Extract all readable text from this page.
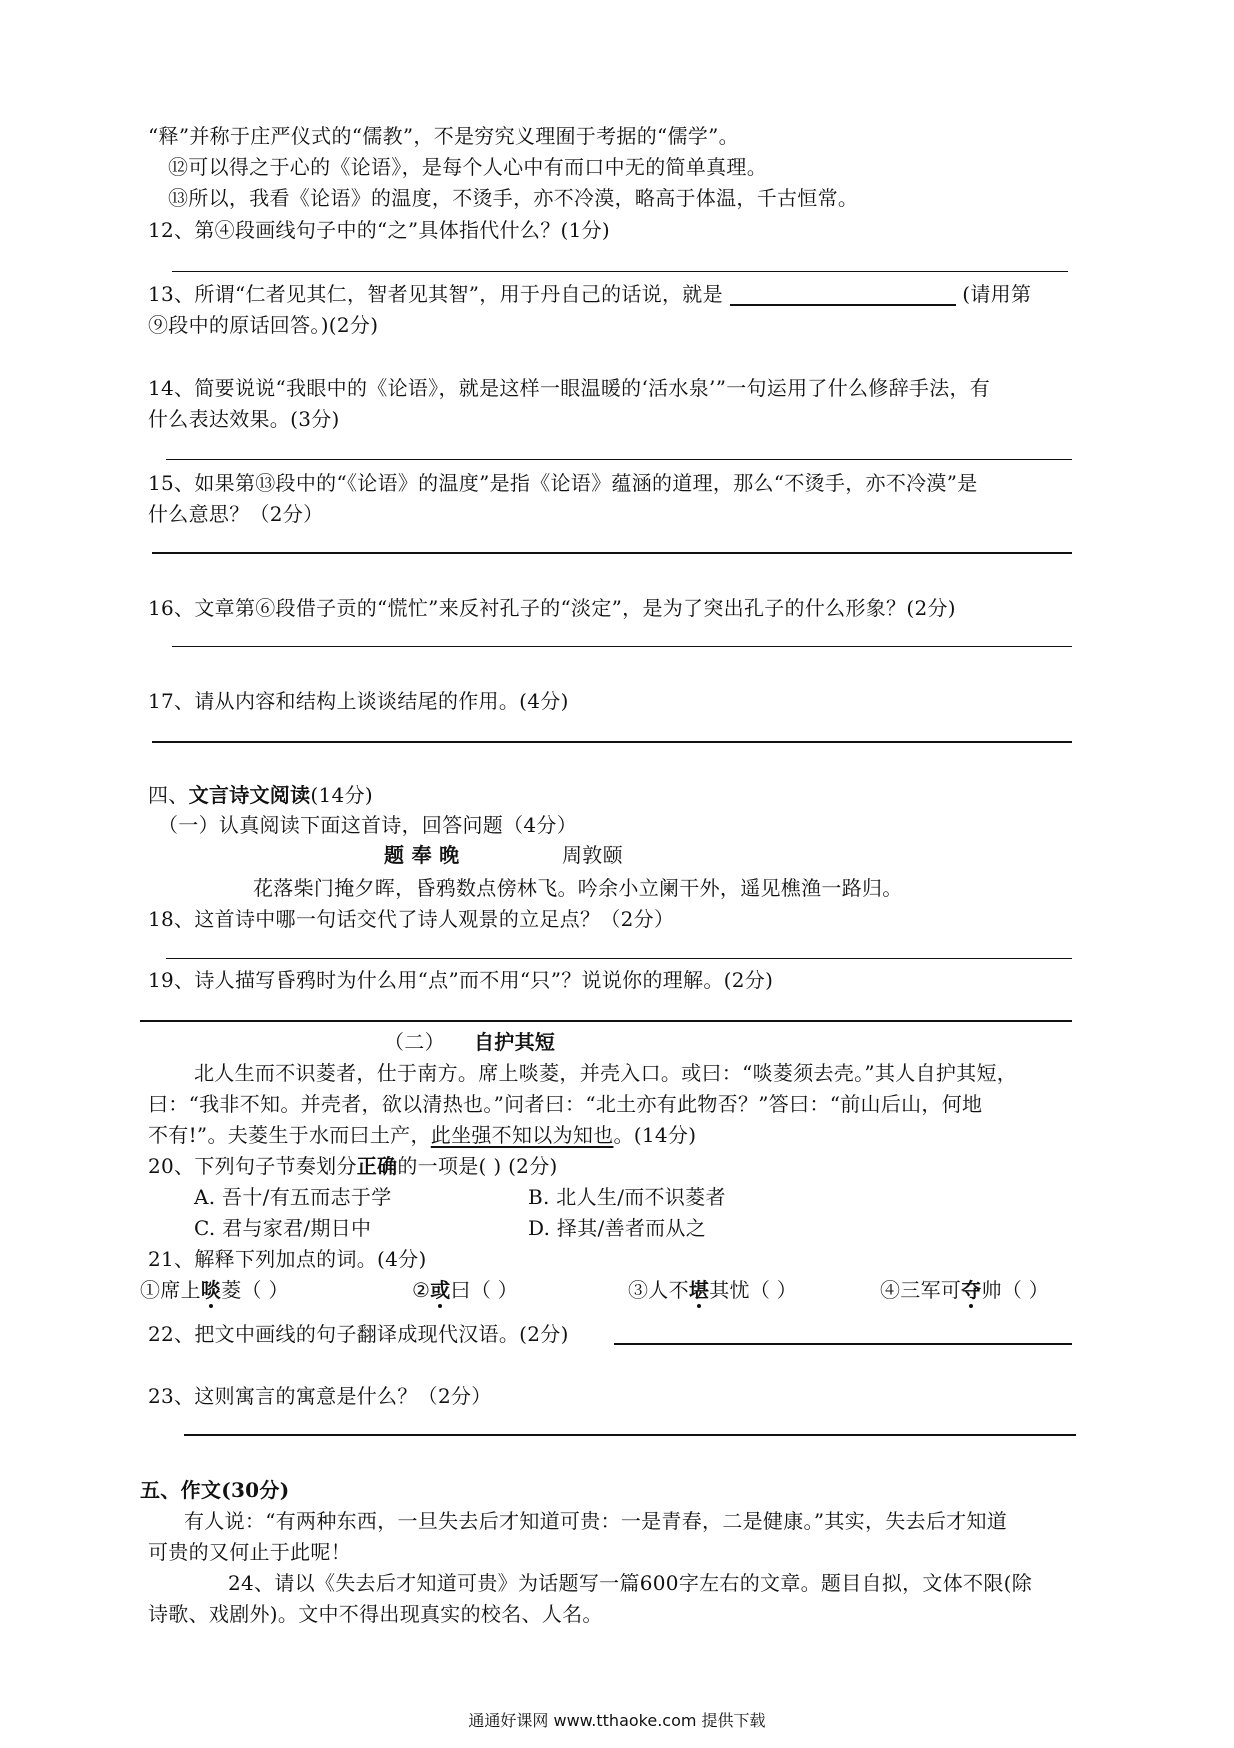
“释”并称于庄严仪式的“儒教”，不是穷究义理囿于考据的“儒学”。
⑫可以得之于心的《论语》，是每个人心中有而口中无的简单真理。
⑬所以，我看《论语》的温度，不烫手，亦不冷漠，略高于体温，千古恒常。
12、第④段画线句子中的“之”具体指代什么？(1分)
13、所谓“仁者见其仁，智者见其智”，用于丹自己的话说，就是	(请用第
⑨段中的原话回答。)(2分)
14、简要说说“我眼中的《论语》，就是这样一眼温暖的‘活水泉’”一句运用了什么修辞手法，有
什么表达效果。(3分)
15、如果第⑬段中的“《论语》的温度”是指《论语》蕴涵的道理，那么“不烫手，亦不冷漠”是
什么意思？（2分）
16、文章第⑥段借子贡的“慌忙”来反衬孔子的“淡定”，是为了突出孔子的什么形象？(2分)
17、请从内容和结构上谈谈结尾的作用。(4分)
四、文言诗文阅读(14分)
（一）认真阅读下面这首诗，回答问题（4分）
题 奉 晚	周敦颐
花落柴门掩夕晖，昏鸦数点傍林飞。吟余小立阑干外，遥见樵渔一路归。
18、这首诗中哪一句话交代了诗人观景的立足点？（2分）
19、诗人描写昏鸦时为什么用“点”而不用“只”？说说你的理解。(2分)
（二） 自护其短
北人生而不识菱者，仕于南方。席上啖菱，并壳入口。或曰：“啖菱须去壳。”其人自护其短，
曰：“我非不知。并壳者，欲以清热也。”问者曰：“北土亦有此物否？”答曰：“前山后山，何地
不有!”。夫菱生于水而曰土产，此坐强不知以为知也。(14分)
20、下列句子节奏划分正确的一项是( ) (2分)
A. 吾十/有五而志于学	B. 北人生/而不识菱者
C. 君与家君/期日中	D. 择其/善者而从之
21、解释下列加点的词。(4分)
①席上啖菱（ ）	②或曰（ ）	③人不堪其忧（ ）	④三军可夺帅（ ）
22、把文中画线的句子翻译成现代汉语。(2分)
23、这则寓言的寓意是什么？（2分）
五、作文(30分)
有人说：“有两种东西，一旦失去后才知道可贵：一是青春，二是健康。”其实，失去后才知道
可贵的又何止于此呢！
24、请以《失去后才知道可贵》为话题写一篇600字左右的文章。题目自拟，文体不限(除
诗歌、戏剧外)。文中不得出现真实的校名、人名。
通通好课网 www.tthaoke.com 提供下载
